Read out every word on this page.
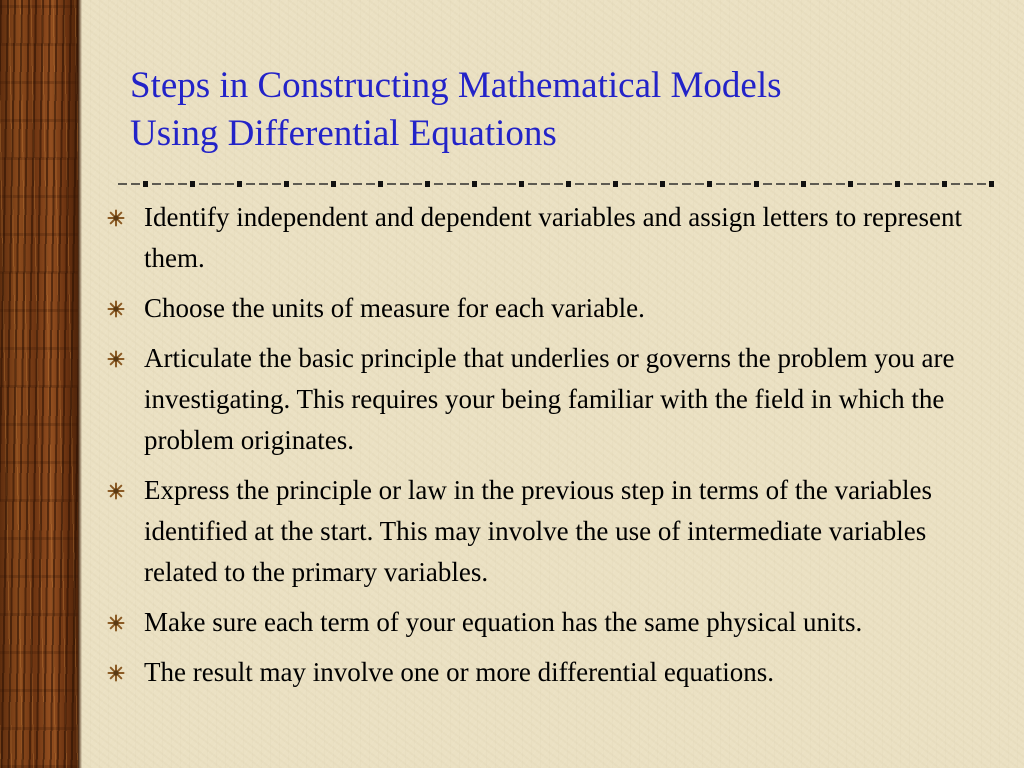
Steps in Constructing Mathematical Models
Using Differential Equations
Identify independent and dependent variables and assign letters to represent them.
Choose the units of measure for each variable.
Articulate the basic principle that underlies or governs the problem you are investigating. This requires your being familiar with the field in which the problem originates.
Express the principle or law in the previous step in terms of the variables identified at the start. This may involve the use of intermediate variables related to the primary variables.
Make sure each term of your equation has the same physical units.
The result may involve one or more differential equations.
